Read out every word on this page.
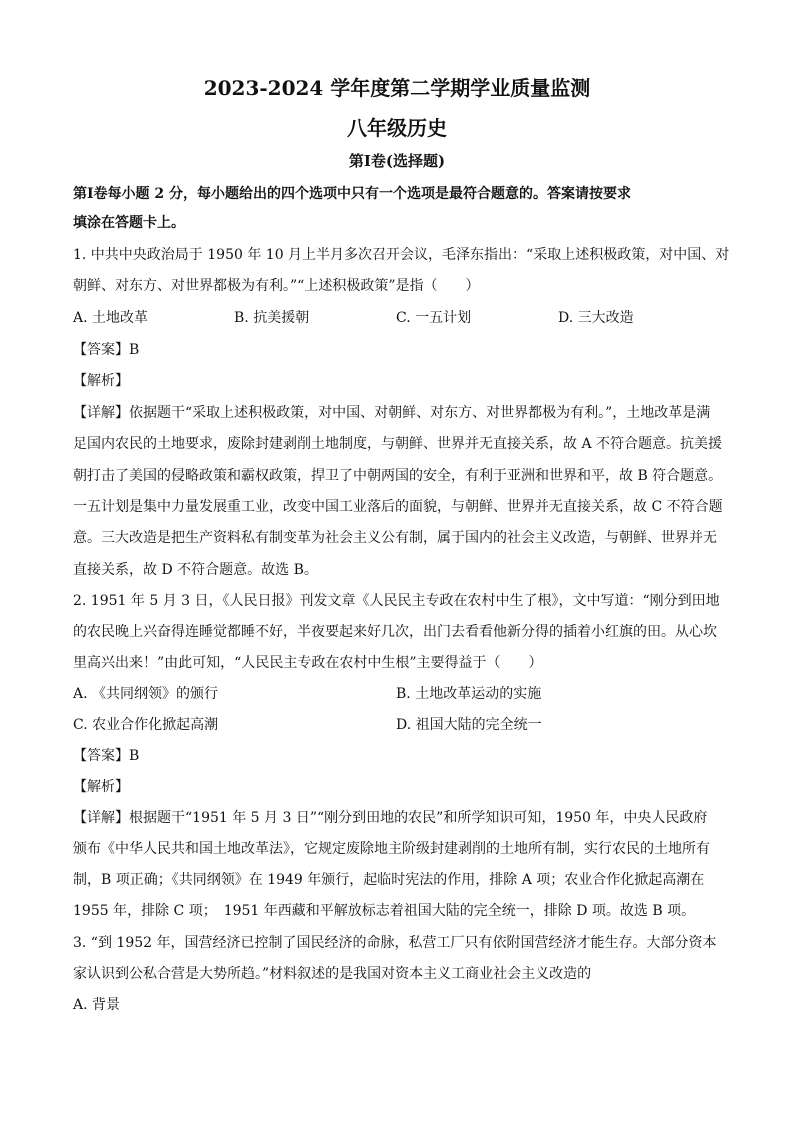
2023-2024 学年度第二学期学业质量监测
八年级历史
第Ⅰ卷(选择题)
第Ⅰ卷每小题 2 分，每小题给出的四个选项中只有一个选项是最符合题意的。答案请按要求
填涂在答题卡上。
1. 中共中央政治局于 1950 年 10 月上半月多次召开会议，毛泽东指出：“采取上述积极政策，对中国、对
朝鲜、对东方、对世界都极为有利。”“上述积极政策”是指（　　）
A. 土地改革	B. 抗美援朝	C. 一五计划	D. 三大改造
【答案】B
【解析】
【详解】依据题干“采取上述积极政策，对中国、对朝鲜、对东方、对世界都极为有利。”，土地改革是满
足国内农民的土地要求，废除封建剥削土地制度，与朝鲜、世界并无直接关系，故 A 不符合题意。抗美援
朝打击了美国的侵略政策和霸权政策，捍卫了中朝两国的安全，有利于亚洲和世界和平，故 B 符合题意。
一五计划是集中力量发展重工业，改变中国工业落后的面貌，与朝鲜、世界并无直接关系，故 C 不符合题
意。三大改造是把生产资料私有制变革为社会主义公有制，属于国内的社会主义改造，与朝鲜、世界并无
直接关系，故 D 不符合题意。故选 B。
2. 1951 年 5 月 3 日，《人民日报》刊发文章《人民民主专政在农村中生了根》，文中写道：“刚分到田地
的农民晚上兴奋得连睡觉都睡不好，半夜要起来好几次，出门去看看他新分得的插着小红旗的田。从心坎
里高兴出来！”由此可知，“人民民主专政在农村中生根”主要得益于（　　）
A. 《共同纲领》的颁行	B. 土地改革运动的实施
C. 农业合作化掀起高潮	D. 祖国大陆的完全统一
【答案】B
【解析】
【详解】根据题干“1951 年 5 月 3 日”“刚分到田地的农民”和所学知识可知，1950 年，中央人民政府
颁布《中华人民共和国土地改革法》，它规定废除地主阶级封建剥削的土地所有制，实行农民的土地所有
制，B 项正确；《共同纲领》在 1949 年颁行，起临时宪法的作用，排除 A 项；农业合作化掀起高潮在
1955 年，排除 C 项；　1951 年西藏和平解放标志着祖国大陆的完全统一，排除 D 项。故选 B 项。
3. “到 1952 年，国营经济已控制了国民经济的命脉，私营工厂只有依附国营经济才能生存。大部分资本
家认识到公私合营是大势所趋。”材料叙述的是我国对资本主义工商业社会主义改造的
A. 背景
